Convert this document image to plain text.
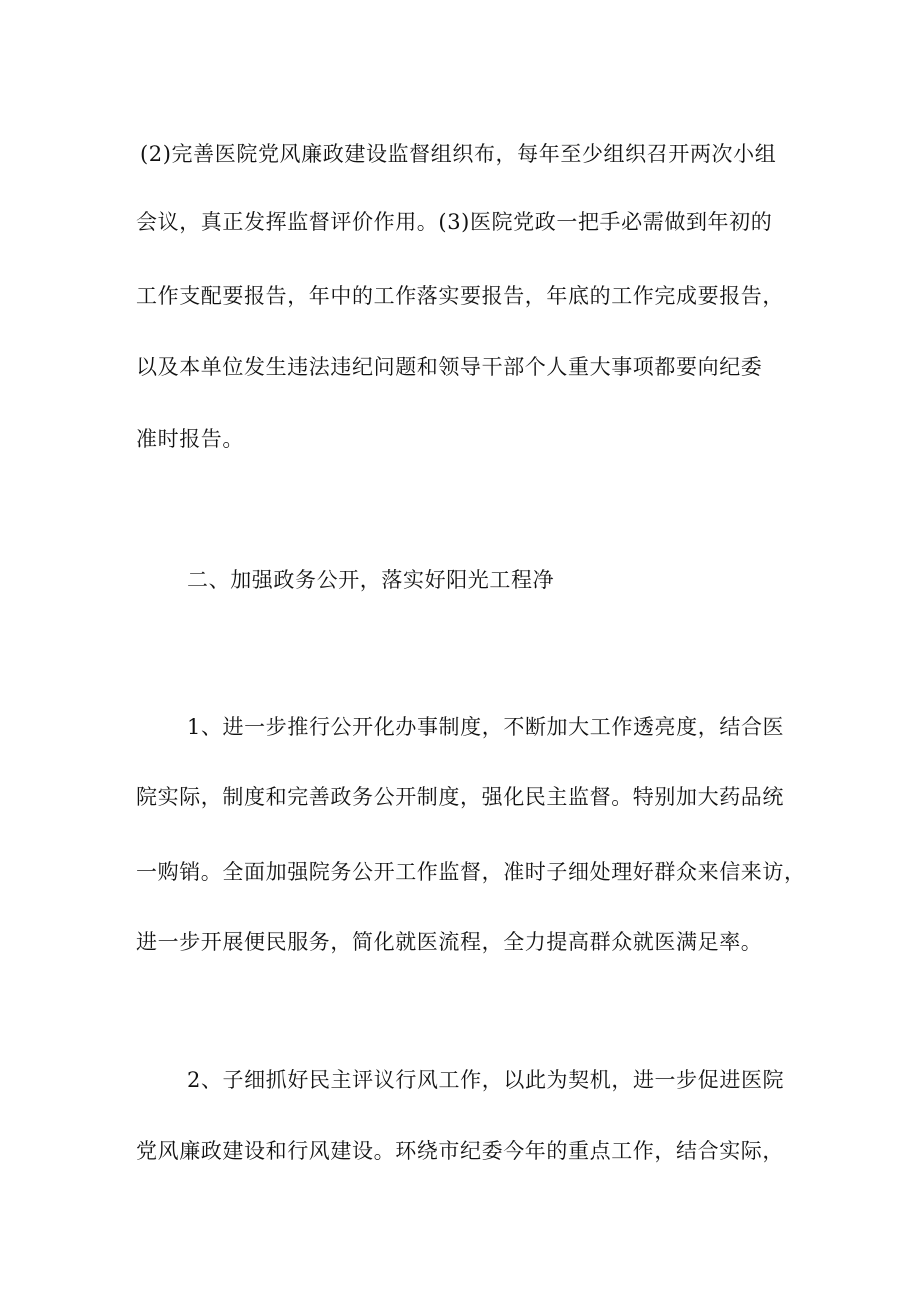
(2)完善医院党风廉政建设监督组织布，每年至少组织召开两次小组
会议，真正发挥监督评价作用。(3)医院党政一把手必需做到年初的
工作支配要报告，年中的工作落实要报告，年底的工作完成要报告，
以及本单位发生违法违纪问题和领导干部个人重大事项都要向纪委
准时报告。
二、加强政务公开，落实好阳光工程净
1、进一步推行公开化办事制度，不断加大工作透亮度，结合医
院实际，制度和完善政务公开制度，强化民主监督。特别加大药品统
一购销。全面加强院务公开工作监督，准时子细处理好群众来信来访，
进一步开展便民服务，简化就医流程，全力提高群众就医满足率。
2、子细抓好民主评议行风工作，以此为契机，进一步促进医院
党风廉政建设和行风建设。环绕市纪委今年的重点工作，结合实际，
